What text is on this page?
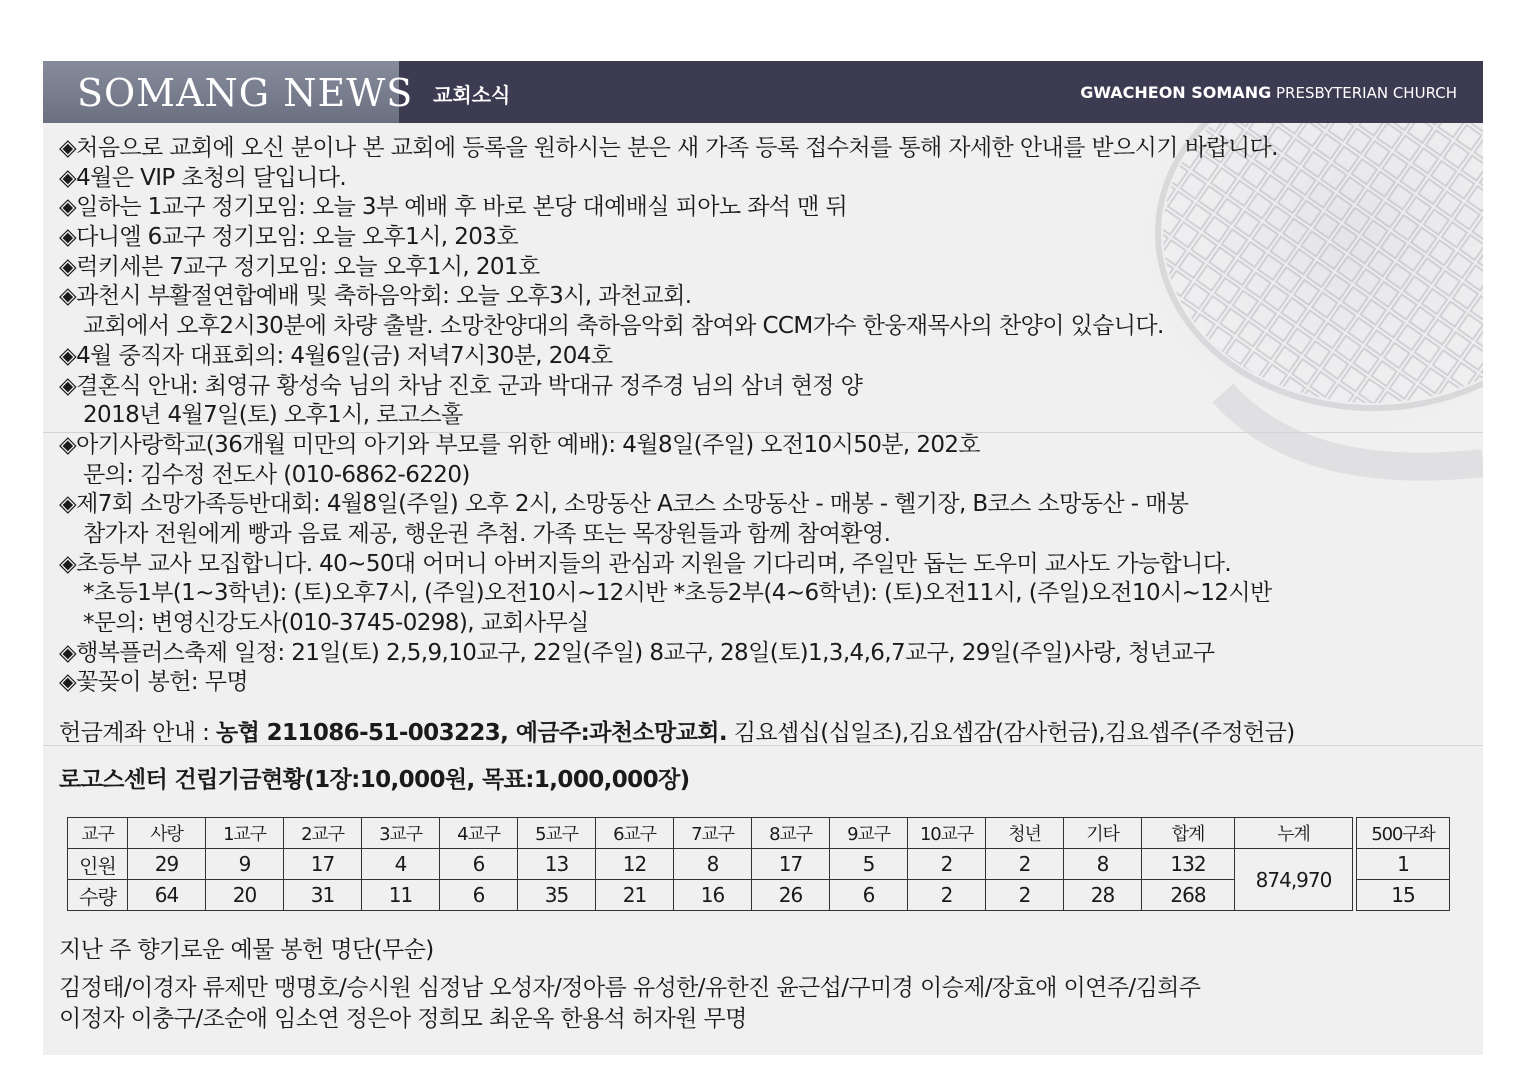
SOMANG NEWS 교회소식	GWACHEON SOMANG PRESBYTERIAN CHURCH
◈처음으로 교회에 오신 분이나 본 교회에 등록을 원하시는 분은 새 가족 등록 접수처를 통해 자세한 안내를 받으시기 바랍니다.
◈4월은 VIP 초청의 달입니다.
◈일하는 1교구 정기모임: 오늘 3부 예배 후 바로 본당 대예배실 피아노 좌석 맨 뒤
◈다니엘 6교구 정기모임: 오늘 오후1시, 203호
◈럭키세븐 7교구 정기모임: 오늘 오후1시, 201호
◈과천시 부활절연합예배 및 축하음악회: 오늘 오후3시, 과천교회.
교회에서 오후2시30분에 차량 출발. 소망찬양대의 축하음악회 참여와 CCM가수 한웅재목사의 찬양이 있습니다.
◈4월 중직자 대표회의: 4월6일(금) 저녁7시30분, 204호
◈결혼식 안내: 최영규 황성숙 님의 차남 진호 군과 박대규 정주경 님의 삼녀 현정 양
2018년 4월7일(토) 오후1시, 로고스홀
◈아기사랑학교(36개월 미만의 아기와 부모를 위한 예배): 4월8일(주일) 오전10시50분, 202호
문의: 김수정 전도사 (010-6862-6220)
◈제7회 소망가족등반대회: 4월8일(주일) 오후 2시, 소망동산 A코스 소망동산 - 매봉 - 헬기장, B코스 소망동산 - 매봉
참가자 전원에게 빵과 음료 제공, 행운권 추첨. 가족 또는 목장원들과 함께 참여환영.
◈초등부 교사 모집합니다. 40~50대 어머니 아버지들의 관심과 지원을 기다리며, 주일만 돕는 도우미 교사도 가능합니다.
*초등1부(1~3학년): (토)오후7시, (주일)오전10시~12시반 *초등2부(4~6학년): (토)오전11시, (주일)오전10시~12시반
*문의: 변영신강도사(010-3745-0298), 교회사무실
◈행복플러스축제 일정: 21일(토) 2,5,9,10교구, 22일(주일) 8교구, 28일(토)1,3,4,6,7교구, 29일(주일)사랑, 청년교구
◈꽃꽂이 봉헌: 무명
헌금계좌 안내 : 농협 211086-51-003223, 예금주:과천소망교회. 김요셉십(십일조),김요셉감(감사헌금),김요셉주(주정헌금)
로고스센터 건립기금현황(1장:10,000원, 목표:1,000,000장)
교구	사랑	1교구	2교구	3교구	4교구	5교구	6교구	7교구	8교구	9교구	10교구	청년	기타	합계	누계		500구좌
인원	29	9	17	4	6	13	12	8	17	5	2	2	8	132	874,970		1
수량	64	20	31	11	6	35	21	16	26	6	2	2	28	268			15
지난 주 향기로운 예물 봉헌 명단(무순)
김정태/이경자 류제만 맹명호/승시원 심정남 오성자/정아름 유성한/유한진 윤근섭/구미경 이승제/장효애 이연주/김희주
이정자 이충구/조순애 임소연 정은아 정희모 최운옥 한용석 허자원 무명
